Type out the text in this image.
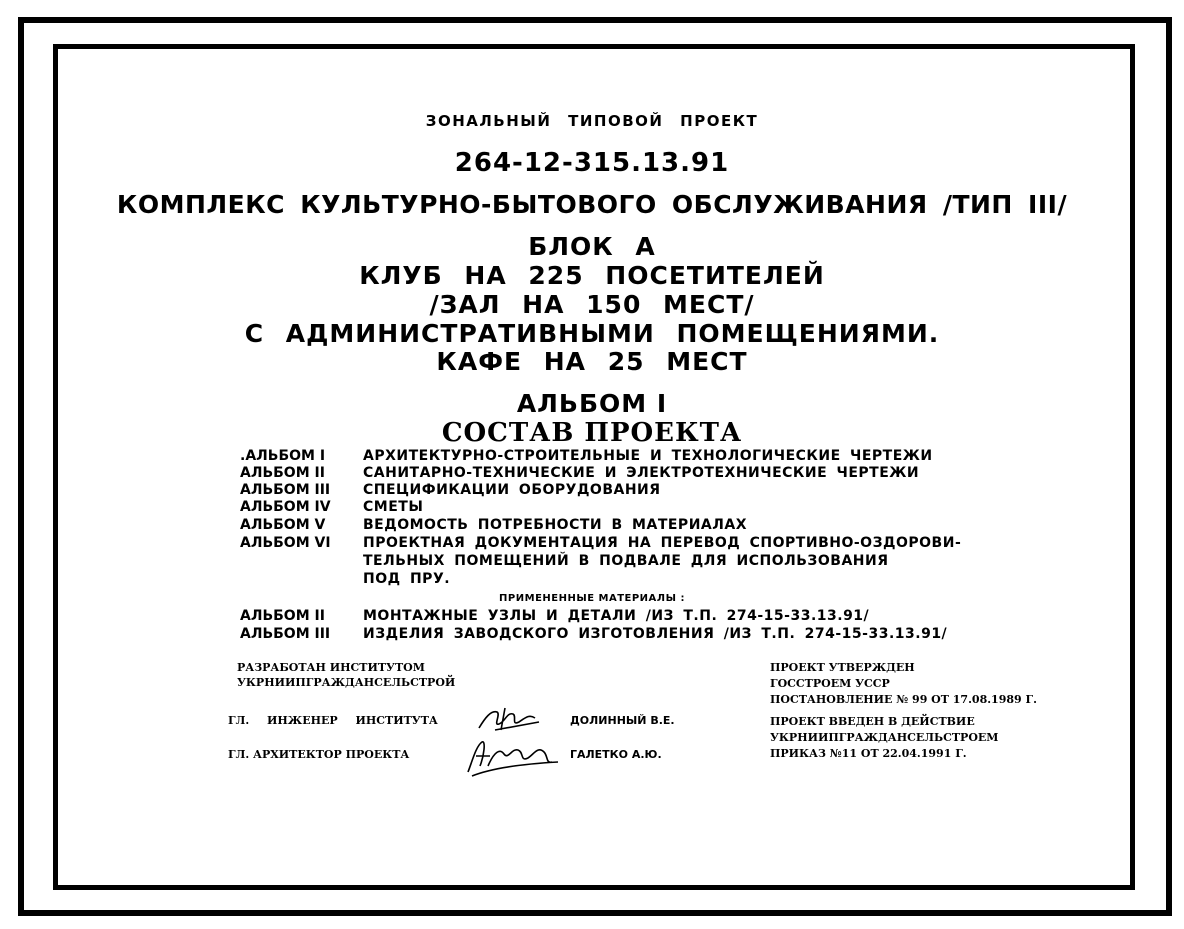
ЗОНАЛЬНЫЙ ТИПОВОЙ ПРОЕКТ
264-12-315.13.91
КОМПЛЕКС КУЛЬТУРНО-БЫТОВОГО ОБСЛУЖИВАНИЯ /ТИП III/
БЛОК А
КЛУБ НА 225 ПОСЕТИТЕЛЕЙ
/ЗАЛ НА 150 МЕСТ/
С АДМИНИСТРАТИВНЫМИ ПОМЕЩЕНИЯМИ.
КАФЕ НА 25 МЕСТ
АЛЬБОМ I
СОСТАВ ПРОЕКТА
.АЛЬБОМ I	АРХИТЕКТУРНО-СТРОИТЕЛЬНЫЕ И ТЕХНОЛОГИЧЕСКИЕ ЧЕРТЕЖИ
АЛЬБОМ II	САНИТАРНО-ТЕХНИЧЕСКИЕ И ЭЛЕКТРОТЕХНИЧЕСКИЕ ЧЕРТЕЖИ
АЛЬБОМ III	СПЕЦИФИКАЦИИ ОБОРУДОВАНИЯ
АЛЬБОМ IV	СМЕТЫ
АЛЬБОМ V	ВЕДОМОСТЬ ПОТРЕБНОСТИ В МАТЕРИАЛАХ
АЛЬБОМ VI	ПРОЕКТНАЯ ДОКУМЕНТАЦИЯ НА ПЕРЕВОД СПОРТИВНО-ОЗДОРОВИ-
ТЕЛЬНЫХ ПОМЕЩЕНИЙ В ПОДВАЛЕ ДЛЯ ИСПОЛЬЗОВАНИЯ
ПОД ПРУ.
ПРИМЕНЕННЫЕ МАТЕРИАЛЫ :
АЛЬБОМ II	МОНТАЖНЫЕ УЗЛЫ И ДЕТАЛИ /ИЗ Т.П. 274-15-33.13.91/
АЛЬБОМ III	ИЗДЕЛИЯ ЗАВОДСКОГО ИЗГОТОВЛЕНИЯ /ИЗ Т.П. 274-15-33.13.91/
РАЗРАБОТАН ИНСТИТУТОМ
УКРНИИПГРАЖДАНСЕЛЬСТРОЙ
ГЛ. ИНЖЕНЕР ИНСТИТУТА	ДОЛИННЫЙ В.Е.
ГЛ. АРХИТЕКТОР ПРОЕКТА	ГАЛЕТКО А.Ю.
ПРОЕКТ УТВЕРЖДЕН
ГОССТРОЕМ УССР
ПОСТАНОВЛЕНИЕ № 99 ОТ 17.08.1989 Г.
ПРОЕКТ ВВЕДЕН В ДЕЙСТВИЕ
УКРНИИПГРАЖДАНСЕЛЬСТРОЕМ
ПРИКАЗ №11 ОТ 22.04.1991 Г.
